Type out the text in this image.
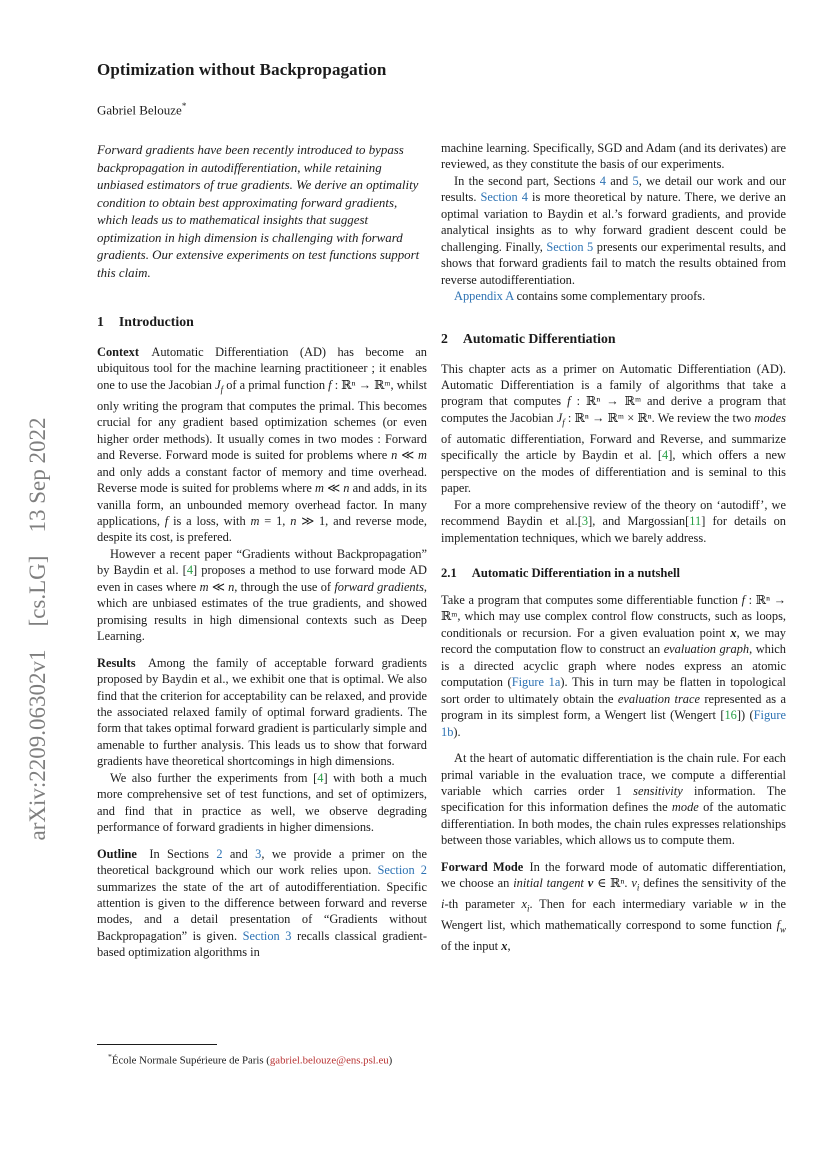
arXiv:2209.06302v1 [cs.LG] 13 Sep 2022
Optimization without Backpropagation
Gabriel Belouze*
Forward gradients have been recently introduced to bypass backpropagation in autodifferentiation, while retaining unbiased estimators of true gradients. We derive an optimality condition to obtain best approximating forward gradients, which leads us to mathematical insights that suggest optimization in high dimension is challenging with forward gradients. Our extensive experiments on test functions support this claim.
1 Introduction

Context  Automatic Differentiation (AD) has become an ubiquitous tool for the machine learning practitioneer ; it enables one to use the Jacobian $J_f$ of a primal function f : ℝⁿ → ℝᵐ, whilst only writing the program that computes the primal. This becomes crucial for any gradient based optimization schemes (or even higher order methods). It usually comes in two modes : Forward and Reverse. Forward mode is suited for problems where n ≪ m and only adds a constant factor of memory and time overhead. Reverse mode is suited for problems where m ≪ n and adds, in its vanilla form, an unbounded memory overhead factor. In many applications, f is a loss, with m = 1, n ≫ 1, and reverse mode, despite its cost, is prefered.

However a recent paper “Gradients without Backpropagation” by Baydin et al. [4] proposes a method to use forward mode AD even in cases where m ≪ n, through the use of forward gradients, which are unbiased estimates of the true gradients, and showed promising results in high dimensional contexts such as Deep Learning.

Results  Among the family of acceptable forward gradients proposed by Baydin et al., we exhibit one that is optimal. We also find that the criterion for acceptability can be relaxed, and provide the associated relaxed family of optimal forward gradients. The form that takes optimal forward gradient is particularly simple and amenable to further analysis. This leads us to show that forward gradients have theoretical shortcomings in high dimensions.

We also further the experiments from [4] with both a much more comprehensive set of test functions, and set of optimizers, and find that in practice as well, we observe degrading performance of forward gradients in higher dimensions.

Outline  In Sections 2 and 3, we provide a primer on the theoretical background which our work relies upon. Section 2 summarizes the state of the art of autodifferentiation. Specific attention is given to the difference between forward and reverse modes, and a detail presentation of “Gradients without Backpropagation” is given. Section 3 recalls classical gradient-based optimization algorithms in

machine learning. Specifically, SGD and Adam (and its derivates) are reviewed, as they constitute the basis of our experiments.

In the second part, Sections 4 and 5, we detail our work and our results. Section 4 is more theoretical by nature. There, we derive an optimal variation to Baydin et al.’s forward gradients, and provide analytical insights as to why forward gradient descent could be challenging. Finally, Section 5 presents our experimental results, and shows that forward gradients fail to match the results obtained from reverse autodifferentiation.

Appendix A contains some complementary proofs.

2 Automatic Differentiation

This chapter acts as a primer on Automatic Differentiation (AD). Automatic Differentiation is a family of algorithms that take a program that computes f : ℝⁿ → ℝᵐ and derive a program that computes the Jacobian $J_f$ : ℝⁿ → ℝᵐ × ℝⁿ. We review the two modes of automatic differentiation, Forward and Reverse, and summarize specifically the article by Baydin et al. [4], which offers a new perspective on the modes of differentiation and is seminal to this paper.

For a more comprehensive review of the theory on ‘autodiff’, we recommend Baydin et al.[3], and Margossian[11] for details on implementation techniques, which we barely address.

2.1 Automatic Differentiation in a nutshell

Take a program that computes some differentiable function f : ℝⁿ → ℝᵐ, which may use complex control flow constructs, such as loops, conditionals or recursion. For a given evaluation point x, we may record the computation flow to construct an evaluation graph, which is a directed acyclic graph where nodes express an atomic computation (Figure 1a). This in turn may be flatten in topological sort order to ultimately obtain the evaluation trace represented as a program in its simplest form, a Wengert list (Wengert [16]) (Figure 1b).

At the heart of automatic differentiation is the chain rule. For each primal variable in the evaluation trace, we compute a differential variable which carries order 1 sensitivity information. The specification for this information defines the mode of the automatic differentiation. In both modes, the chain rules expresses relationships between those variables, which allows us to compute them.

Forward Mode In the forward mode of automatic differentiation, we choose an initial tangent v ∈ ℝⁿ. $v_i$ defines the sensitivity of the i-th parameter $x_i$. Then for each intermediary variable w in the Wengert list, which mathematically correspond to some function $f_w$ of the input x,

*École Normale Supérieure de Paris (gabriel.belouze@ens.psl.eu)
